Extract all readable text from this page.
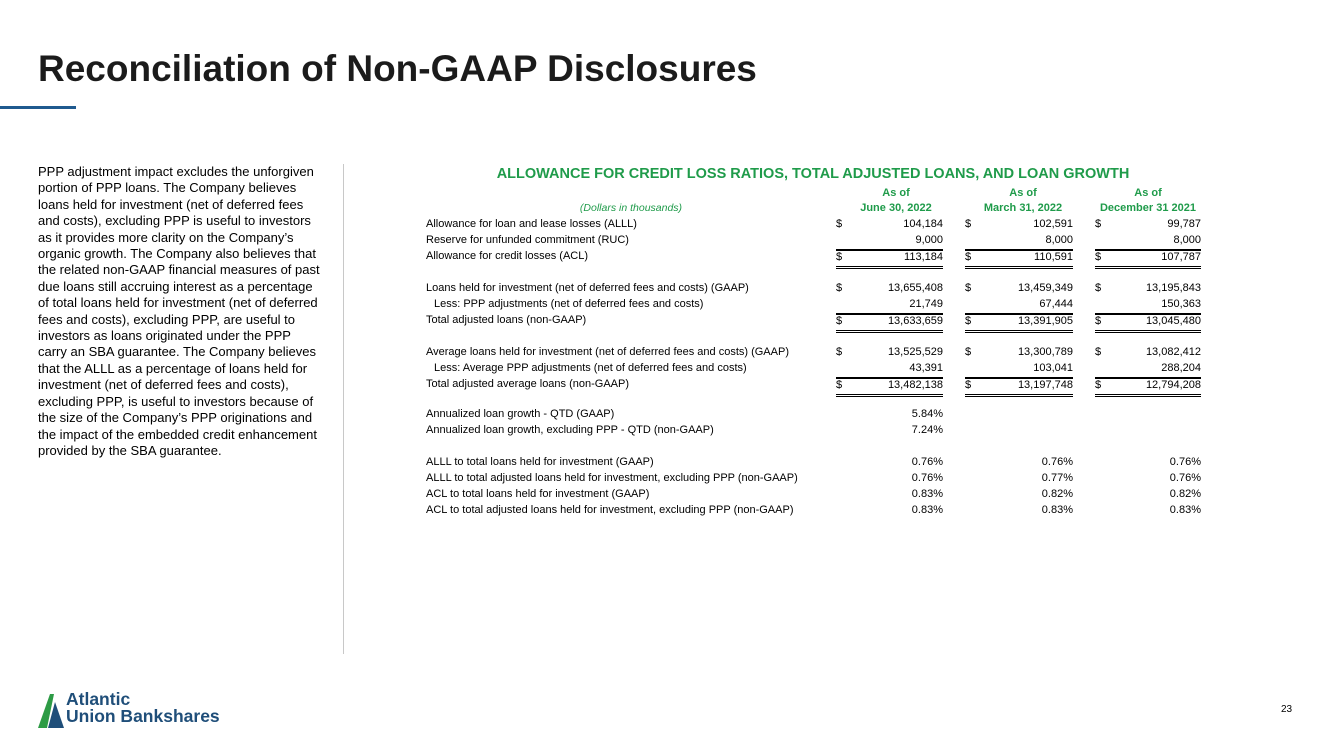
Reconciliation of Non-GAAP Disclosures
PPP adjustment impact excludes the unforgiven portion of PPP loans. The Company believes loans held for investment (net of deferred fees and costs), excluding PPP is useful to investors as it provides more clarity on the Company’s organic growth. The Company also believes that the related non-GAAP financial measures of past due loans still accruing interest as a percentage of total loans held for investment (net of deferred fees and costs), excluding PPP, are useful to investors as loans originated under the PPP carry an SBA guarantee. The Company believes that the ALLL as a percentage of loans held for investment (net of deferred fees and costs), excluding PPP, is useful to investors because of the size of the Company’s PPP originations and the impact of the embedded credit enhancement provided by the SBA guarantee.
ALLOWANCE FOR CREDIT LOSS RATIOS, TOTAL ADJUSTED LOANS, AND LOAN GROWTH
As of
June 30, 2022
As of
March 31, 2022
As of
December 31 2021
(Dollars in thousands)
Allowance for loan and lease losses (ALLL)	$	104,184 $	102,591 $	99,787
Reserve for unfunded commitment (RUC)	9,000	8,000	8,000
Allowance for credit losses (ACL)	$	113,184 $	110,591 $	107,787
Loans held for investment (net of deferred fees and costs) (GAAP)	$	13,655,408 $	13,459,349 $	13,195,843
Less: PPP adjustments (net of deferred fees and costs)	21,749	67,444	150,363
Total adjusted loans (non-GAAP)	$	13,633,659 $	13,391,905 $	13,045,480
Average loans held for investment (net of deferred fees and costs) (GAAP)	$	13,525,529 $	13,300,789 $	13,082,412
Less: Average PPP adjustments (net of deferred fees and costs)	43,391	103,041	288,204
Total adjusted average loans (non-GAAP)	$	13,482,138 $	13,197,748 $	12,794,208
Annualized loan growth - QTD (GAAP)	5.84%
Annualized loan growth, excluding PPP - QTD (non-GAAP)	7.24%
ALLL to total loans held for investment (GAAP)	0.76%	0.76%	0.76%
ALLL to total adjusted loans held for investment, excluding PPP (non-GAAP)	0.76%	0.77%	0.76%
ACL to total loans held for investment (GAAP)	0.83%	0.82%	0.82%
ACL to total adjusted loans held for investment, excluding PPP (non-GAAP)	0.83%	0.83%	0.83%
Atlantic
Union Bankshares	23
